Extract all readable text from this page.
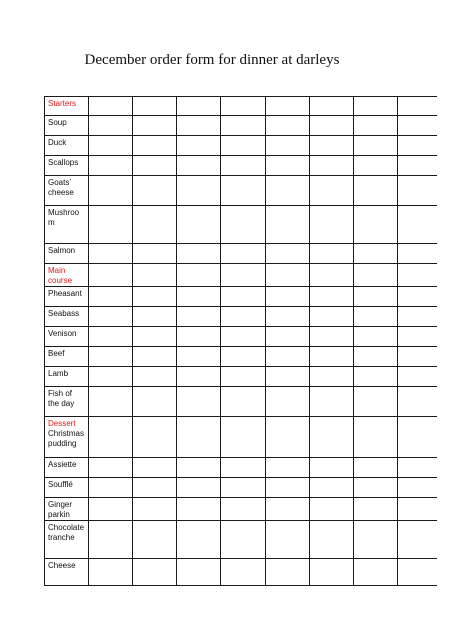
December order form for dinner at darleys
Starters								

Soup								

Duck								

Scallops								

Goats’
cheese								

Mushroo
m								

Salmon								

Main
course								

Pheasant								

Seabass								

Venison								

Beef								

Lamb								

Fish of
the day								

Dessert
Christmas
pudding								

Assiette								

Soufflé								

Ginger
parkin								

Chocolate
tranche								

Cheese								
